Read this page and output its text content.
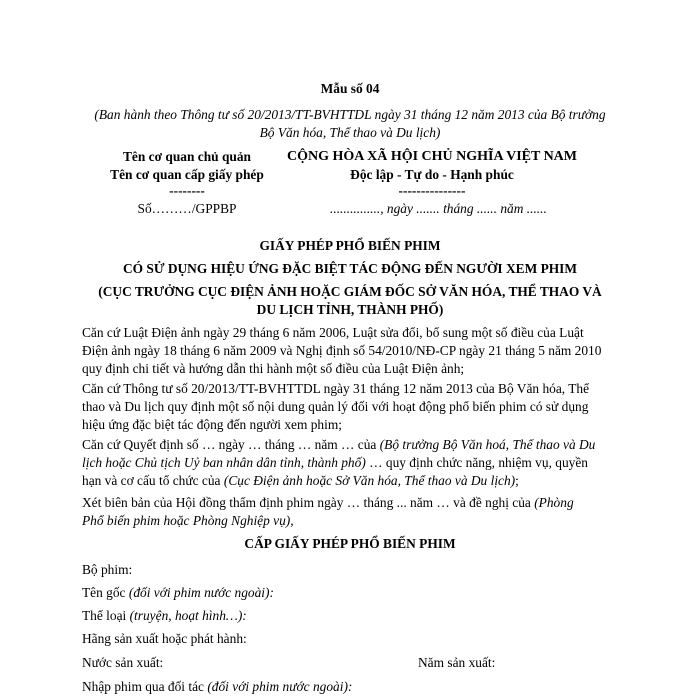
Mẫu số 04
(Ban hành theo Thông tư số 20/2013/TT-BVHTTDL ngày 31 tháng 12 năm 2013 của Bộ trưởng
Bộ Văn hóa, Thể thao và Du lịch)
Tên cơ quan chủ quản
Tên cơ quan cấp giấy phép
--------
Số………/GPPBP
CỘNG HÒA XÃ HỘI CHỦ NGHĨA VIỆT NAM
Độc lập - Tự do - Hạnh phúc
---------------
..............., ngày ....... tháng ...... năm ......
GIẤY PHÉP PHỔ BIẾN PHIM
CÓ SỬ DỤNG HIỆU ỨNG ĐẶC BIỆT TÁC ĐỘNG ĐẾN NGƯỜI XEM PHIM
(CỤC TRƯỞNG CỤC ĐIỆN ẢNH HOẶC GIÁM ĐỐC SỞ VĂN HÓA, THỂ THAO VÀ
DU LỊCH TỈNH, THÀNH PHỐ)
Căn cứ Luật Điện ảnh ngày 29 tháng 6 năm 2006, Luật sửa đổi, bổ sung một số điều của Luật
Điện ảnh ngày 18 tháng 6 năm 2009 và Nghị định số 54/2010/NĐ-CP ngày 21 tháng 5 năm 2010
quy định chi tiết và hướng dẫn thi hành một số điều của Luật Điện ảnh;
Căn cứ Thông tư số 20/2013/TT-BVHTTDL ngày 31 tháng 12 năm 2013 của Bộ Văn hóa, Thể
thao và Du lịch quy định một số nội dung quản lý đối với hoạt động phổ biến phim có sử dụng
hiệu ứng đặc biệt tác động đến người xem phim;
Căn cứ Quyết định số … ngày … tháng … năm … của (Bộ trưởng Bộ Văn hoá, Thể thao và Du
lịch hoặc Chủ tịch Uỷ ban nhân dân tỉnh, thành phố) … quy định chức năng, nhiệm vụ, quyền
hạn và cơ cấu tổ chức của (Cục Điện ảnh hoặc Sở Văn hóa, Thể thao và Du lịch);
Xét biên bản của Hội đồng thẩm định phim ngày … tháng ... năm … và đề nghị của (Phòng
Phổ biến phim hoặc Phòng Nghiệp vụ),
CẤP GIẤY PHÉP PHỔ BIẾN PHIM
Bộ phim:
Tên gốc (đối với phim nước ngoài):
Thể loại (truyện, hoạt hình…):
Hãng sản xuất hoặc phát hành:
Nước sản xuất:	Năm sản xuất:
Nhập phim qua đối tác (đối với phim nước ngoài):
